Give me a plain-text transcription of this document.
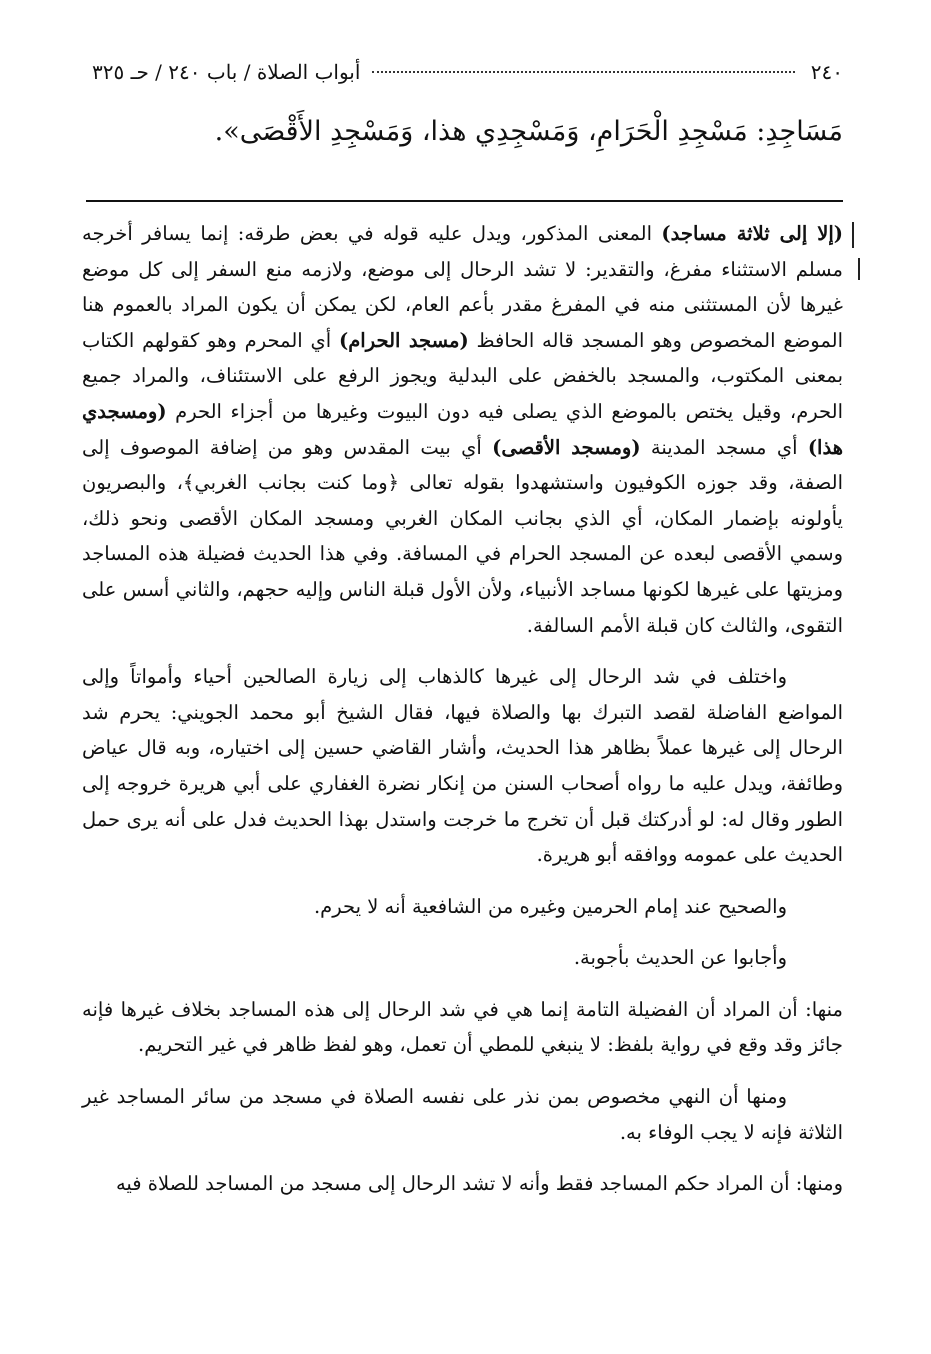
٢٤٠
أبواب الصلاة / باب ٢٤٠ / حـ ٣٢٥
مَسَاجِدِ: مَسْجِدِ الْحَرَامِ، وَمَسْجِدِي هذا، وَمَسْجِدِ الأَقْصَى».

(إلا إلى ثلاثة مساجد) المعنى المذكور، ويدل عليه قوله في بعض طرقه: إنما يسافر أخرجه مسلم الاستثناء مفرغ، والتقدير: لا تشد الرحال إلى موضع، ولازمه منع السفر إلى كل موضع غيرها لأن المستثنى منه في المفرغ مقدر بأعم العام، لكن يمكن أن يكون المراد بالعموم هنا الموضع المخصوص وهو المسجد قاله الحافظ (مسجد الحرام) أي المحرم وهو كقولهم الكتاب بمعنى المكتوب، والمسجد بالخفض على البدلية ويجوز الرفع على الاستئناف، والمراد جميع الحرم، وقيل يختص بالموضع الذي يصلى فيه دون البيوت وغيرها من أجزاء الحرم (ومسجدي هذا) أي مسجد المدينة (ومسجد الأقصى) أي بيت المقدس وهو من إضافة الموصوف إلى الصفة، وقد جوزه الكوفيون واستشهدوا بقوله تعالى ﴿وما كنت بجانب الغربي﴾، والبصريون يأولونه بإضمار المكان، أي الذي بجانب المكان الغربي ومسجد المكان الأقصى ونحو ذلك، وسمي الأقصى لبعده عن المسجد الحرام في المسافة. وفي هذا الحديث فضيلة هذه المساجد ومزيتها على غيرها لكونها مساجد الأنبياء، ولأن الأول قبلة الناس وإليه حجهم، والثاني أسس على التقوى، والثالث كان قبلة الأمم السالفة.

واختلف في شد الرحال إلى غيرها كالذهاب إلى زيارة الصالحين أحياء وأمواتاً وإلى المواضع الفاضلة لقصد التبرك بها والصلاة فيها، فقال الشيخ أبو محمد الجويني: يحرم شد الرحال إلى غيرها عملاً بظاهر هذا الحديث، وأشار القاضي حسين إلى اختياره، وبه قال عياض وطائفة، ويدل عليه ما رواه أصحاب السنن من إنكار نضرة الغفاري على أبي هريرة خروجه إلى الطور وقال له: لو أدركتك قبل أن تخرج ما خرجت واستدل بهذا الحديث فدل على أنه يرى حمل الحديث على عمومه ووافقه أبو هريرة.

والصحيح عند إمام الحرمين وغيره من الشافعية أنه لا يحرم.

وأجابوا عن الحديث بأجوبة.

منها: أن المراد أن الفضيلة التامة إنما هي في شد الرحال إلى هذه المساجد بخلاف غيرها فإنه جائز وقد وقع في رواية بلفظ: لا ينبغي للمطي أن تعمل، وهو لفظ ظاهر في غير التحريم.

ومنها أن النهي مخصوص بمن نذر على نفسه الصلاة في مسجد من سائر المساجد غير الثلاثة فإنه لا يجب الوفاء به.

ومنها: أن المراد حكم المساجد فقط وأنه لا تشد الرحال إلى مسجد من المساجد للصلاة فيه
